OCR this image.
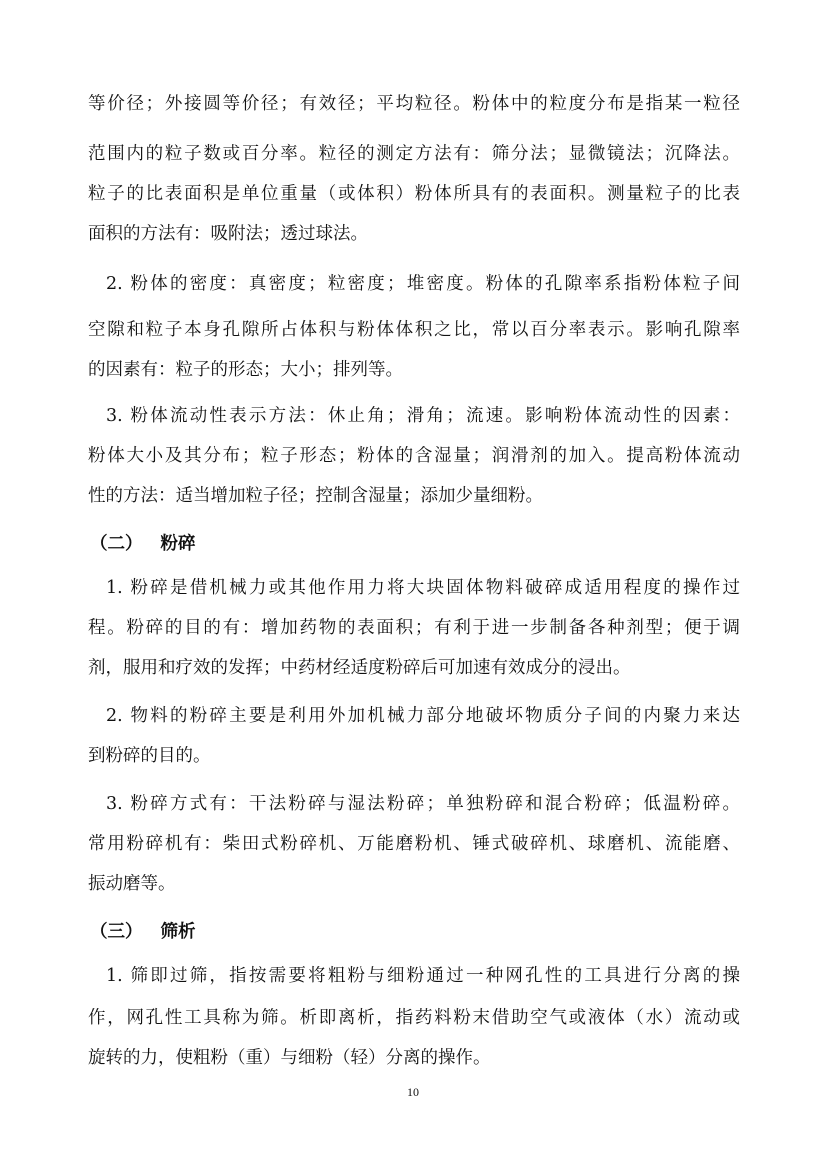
等价径；外接圆等价径；有效径；平均粒径。粉体中的粒度分布是指某一粒径
范围内的粒子数或百分率。粒径的测定方法有：筛分法；显微镜法；沉降法。
粒子的比表面积是单位重量（或体积）粉体所具有的表面积。测量粒子的比表
面积的方法有：吸附法；透过球法。
2. 粉体的密度：真密度；粒密度；堆密度。粉体的孔隙率系指粉体粒子间
空隙和粒子本身孔隙所占体积与粉体体积之比，常以百分率表示。影响孔隙率
的因素有：粒子的形态；大小；排列等。
3. 粉体流动性表示方法：休止角；滑角；流速。影响粉体流动性的因素：
粉体大小及其分布；粒子形态；粉体的含湿量；润滑剂的加入。提高粉体流动
性的方法：适当增加粒子径；控制含湿量；添加少量细粉。
（二） 粉碎
1. 粉碎是借机械力或其他作用力将大块固体物料破碎成适用程度的操作过
程。粉碎的目的有：增加药物的表面积；有利于进一步制备各种剂型；便于调
剂，服用和疗效的发挥；中药材经适度粉碎后可加速有效成分的浸出。
2. 物料的粉碎主要是利用外加机械力部分地破坏物质分子间的内聚力来达
到粉碎的目的。
3. 粉碎方式有：干法粉碎与湿法粉碎；单独粉碎和混合粉碎；低温粉碎。
常用粉碎机有：柴田式粉碎机、万能磨粉机、锤式破碎机、球磨机、流能磨、
振动磨等。
（三） 筛析
1. 筛即过筛，指按需要将粗粉与细粉通过一种网孔性的工具进行分离的操
作，网孔性工具称为筛。析即离析，指药料粉末借助空气或液体（水）流动或
旋转的力，使粗粉（重）与细粉（轻）分离的操作。
10
